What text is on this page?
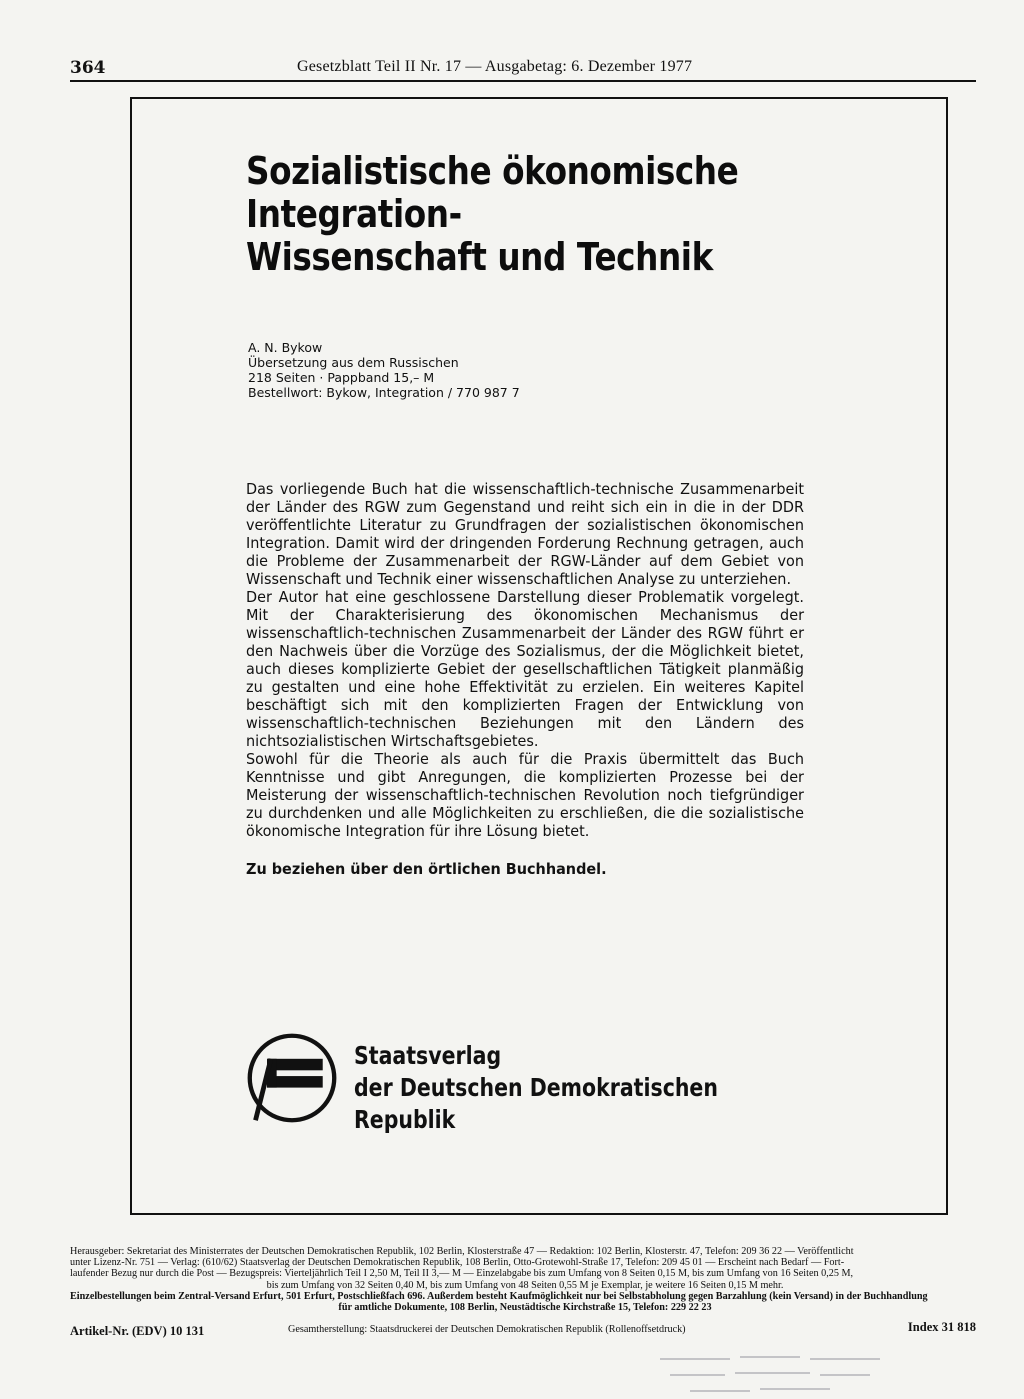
364	Gesetzblatt Teil II Nr. 17 — Ausgabetag: 6. Dezember 1977
Sozialistische ökonomische
Integration-
Wissenschaft und Technik
A. N. Bykow
Übersetzung aus dem Russischen
218 Seiten · Pappband 15,– M
Bestellwort: Bykow, Integration / 770 987 7

Das vorliegende Buch hat die wissenschaftlich-technische Zusammenarbeit der Länder des RGW zum Gegenstand und reiht sich ein in die in der DDR veröffentlichte Literatur zu Grundfragen der sozialistischen ökonomischen Integration. Damit wird der dringenden Forderung Rechnung getragen, auch die Probleme der Zusammenarbeit der RGW-Länder auf dem Gebiet von Wissenschaft und Technik einer wissenschaftlichen Analyse zu unterziehen.

Der Autor hat eine geschlossene Darstellung dieser Problematik vorgelegt. Mit der Charakterisierung des ökonomischen Mechanismus der wissenschaftlich-technischen Zusammenarbeit der Länder des RGW führt er den Nachweis über die Vorzüge des Sozialismus, der die Möglichkeit bietet, auch dieses komplizierte Gebiet der gesellschaftlichen Tätigkeit planmäßig zu gestalten und eine hohe Effektivität zu erzielen. Ein weiteres Kapitel beschäftigt sich mit den komplizierten Fragen der Entwicklung von wissenschaftlich-technischen Beziehungen mit den Ländern des nichtsozialistischen Wirtschaftsgebietes.

Sowohl für die Theorie als auch für die Praxis übermittelt das Buch Kenntnisse und gibt Anregungen, die komplizierten Prozesse bei der Meisterung der wissenschaftlich-technischen Revolution noch tiefgründiger zu durchdenken und alle Möglichkeiten zu erschließen, die die sozialistische ökonomische Integration für ihre Lösung bietet.

Zu beziehen über den örtlichen Buchhandel.
Staatsverlag
der Deutschen Demokratischen
Republik
Herausgeber: Sekretariat des Ministerrates der Deutschen Demokratischen Republik, 102 Berlin, Klosterstraße 47 — Redaktion: 102 Berlin, Klosterstr. 47, Telefon: 209 36 22 — Veröffentlicht
unter Lizenz-Nr. 751 — Verlag: (610/62) Staatsverlag der Deutschen Demokratischen Republik, 108 Berlin, Otto-Grotewohl-Straße 17, Telefon: 209 45 01 — Erscheint nach Bedarf — Fort-
laufender Bezug nur durch die Post — Bezugspreis: Vierteljährlich Teil I 2,50 M, Teil II 3,— M — Einzelabgabe bis zum Umfang von 8 Seiten 0,15 M, bis zum Umfang von 16 Seiten 0,25 M,
bis zum Umfang von 32 Seiten 0,40 M, bis zum Umfang von 48 Seiten 0,55 M je Exemplar, je weitere 16 Seiten 0,15 M mehr.
Einzelbestellungen beim Zentral-Versand Erfurt, 501 Erfurt, Postschließfach 696. Außerdem besteht Kaufmöglichkeit nur bei Selbstabholung gegen Barzahlung (kein Versand) in der Buchhandlung
für amtliche Dokumente, 108 Berlin, Neustädtische Kirchstraße 15, Telefon: 229 22 23
Artikel-Nr. (EDV) 10 131	Gesamtherstellung: Staatsdruckerei der Deutschen Demokratischen Republik (Rollenoffsetdruck)	Index 31 818
